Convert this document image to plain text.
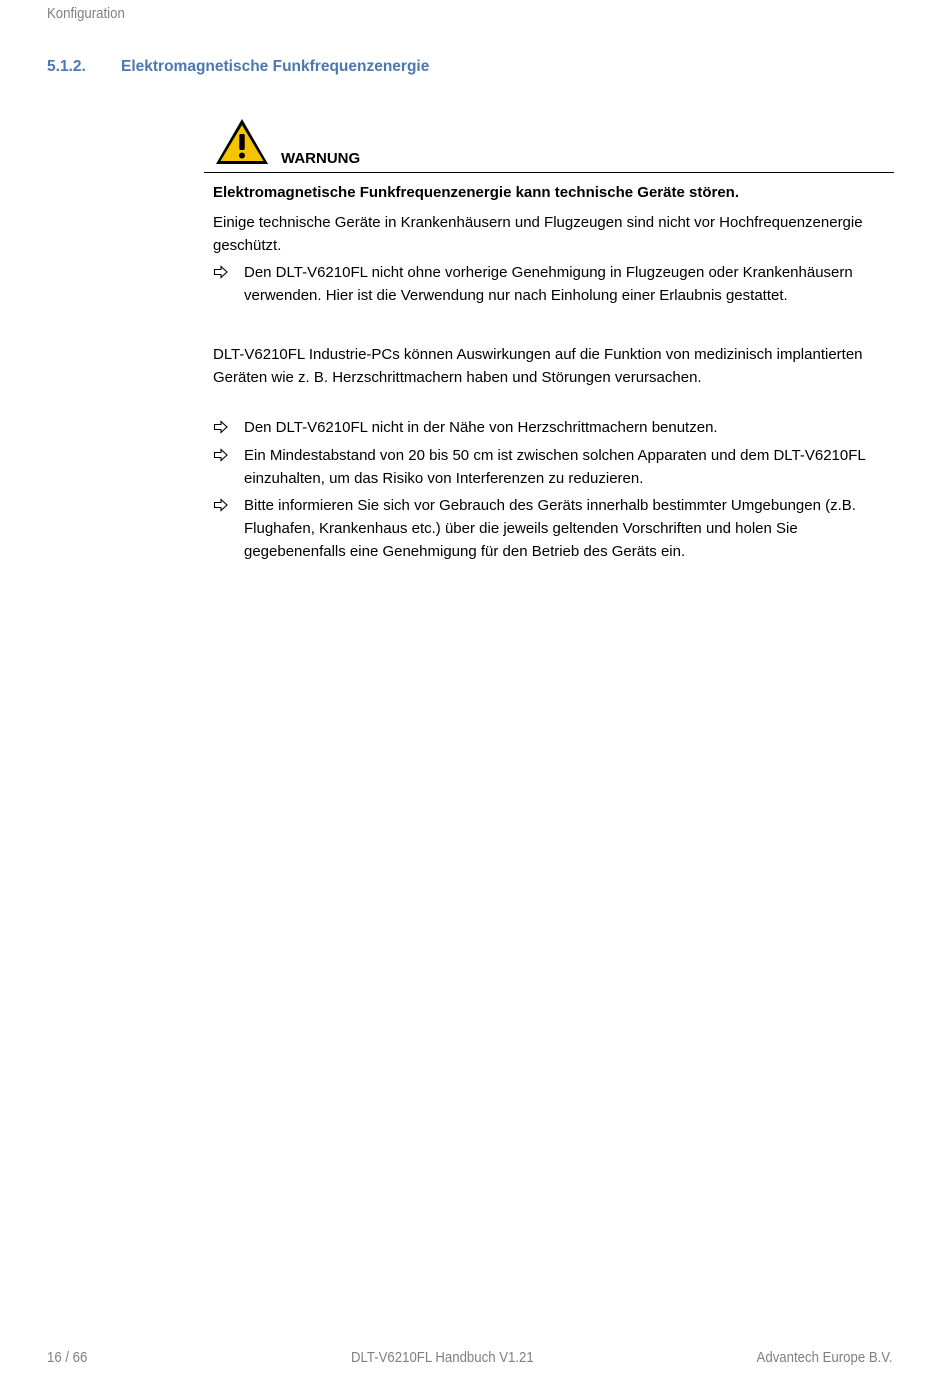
Konfiguration
5.1.2. Elektromagnetische Funkfrequenzenergie
WARNUNG
Elektromagnetische Funkfrequenzenergie kann technische Geräte stören.
Einige technische Geräte in Krankenhäusern und Flugzeugen sind nicht vor Hochfrequenzenergie geschützt.
Den DLT-V6210FL nicht ohne vorherige Genehmigung in Flugzeugen oder Krankenhäusern verwenden. Hier ist die Verwendung nur nach Einholung einer Erlaubnis gestattet.
DLT-V6210FL Industrie-PCs können Auswirkungen auf die Funktion von medizinisch implantierten Geräten wie z. B. Herzschrittmachern haben und Störungen verursachen.
Den DLT-V6210FL nicht in der Nähe von Herzschrittmachern benutzen.
Ein Mindestabstand von 20 bis 50 cm ist zwischen solchen Apparaten und dem DLT-V6210FL einzuhalten, um das Risiko von Interferenzen zu reduzieren.
Bitte informieren Sie sich vor Gebrauch des Geräts innerhalb bestimmter Umgebungen (z.B. Flughafen, Krankenhaus etc.) über die jeweils geltenden Vorschriften und holen Sie gegebenenfalls eine Genehmigung für den Betrieb des Geräts ein.
16 / 66	DLT-V6210FL Handbuch V1.21	Advantech Europe B.V.
